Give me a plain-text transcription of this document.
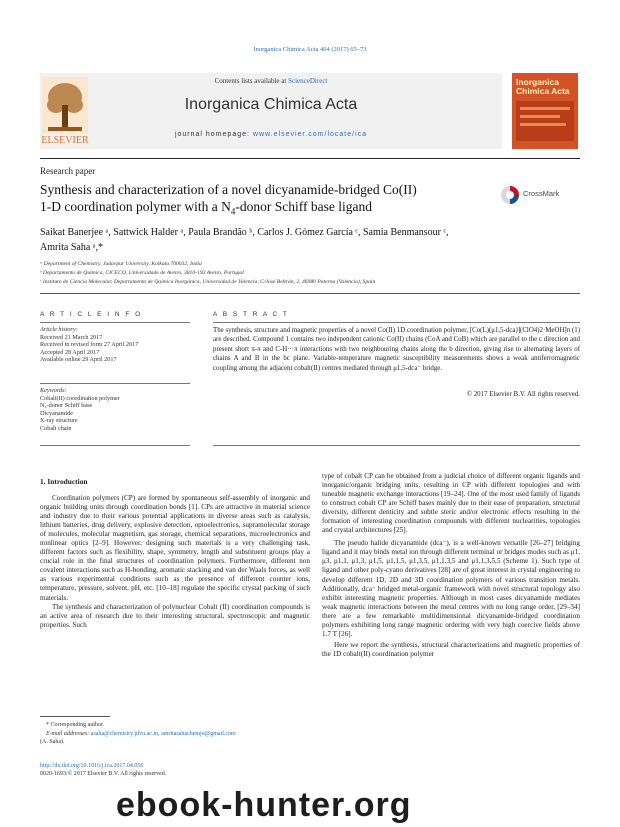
Inorganica Chimica Acta 464 (2017) 65–73
ELSEVIER
Contents lists available at ScienceDirect
Inorganica Chimica Acta
journal homepage: www.elsevier.com/locate/ica
Inorganica
Chimica Acta
Research paper
Synthesis and characterization of a novel dicyanamide-bridged Co(II)
1-D coordination polymer with a $N_4$-donor Schiff base ligand
CrossMark
Saikat Banerjee ᵃ, Sattwick Halder ᵃ, Paula Brandão ᵇ, Carlos J. Gómez García ᶜ, Samia Benmansour ᶜ,
Amrita Saha ᵃ,*
ᵃ Department of Chemistry, Jadavpur University, Kolkata 700032, India
ᵇ Departamento de Química, CICECO, Universidade de Aveiro, 3810-193 Aveiro, Portugal
ᶜ Instituto de Ciencia Molecular, Departamento de Química Inorgánica, Universidad de Valencia, C/José Beltrán, 2, 46980 Paterna (Valencia), Spain
A R T I C L E I N F O
Article history:
Received 21 March 2017
Received in revised form 27 April 2017
Accepted 28 April 2017
Available online 29 April 2017
Keywords:
Cobalt(II) coordination polymer
N₄-donor Schiff base
Dicyanamide
X-ray structure
Cobalt chain
A B S T R A C T
The synthesis, structure and magnetic properties of a novel Co(II) 1D coordination polymer, [Co(L)(μ1,5-dca)](ClO4)2·MeOH]n (1) are described. Compound 1 contains two independent cationic Co(II) chains (CoA and CoB) which are parallel to the c direction and present short π-π and C-H···π interactions with two neighbouring chains along the b direction, giving rise to alternating layers of chains A and B in the bc plane. Variable-temperature magnetic susceptibility measurements shows a weak antiferromagnetic coupling among the adjacent cobalt(II) centres mediated through μ1,5-dca⁻ bridge.
© 2017 Elsevier B.V. All rights reserved.
1. Introduction

Coordination polymers (CP) are formed by spontaneous self-assembly of inorganic and organic building units through coordination bonds [1]. CPs are attractive in material science and industry due to their various potential applications in diverse areas such as catalysis, lithium batteries, drug delivery, explosive detection, optoelectronics, supramolecular storage of molecules, molecular magnetism, gas storage, chemical separations, microelectronics and nonlinear optics [2–9]. However, designing such materials is a very challenging task, different factors such as flexibility, shape, symmetry, length and substituent groups play a crucial role in the final structures of coordination polymers. Furthermore, different non covalent interactions such as H-bonding, aromatic stacking and van der Waals forces, as well as various experimental conditions such as the presence of different counter ions, temperature, pressure, solvent, pH, etc. [10–18] regulate the specific crystal packing of such materials.

The synthesis and characterization of polynuclear Cobalt (II) coordination compounds is an active area of research due to their interesting structural, spectroscopic and magnetic properties. Such

type of cobalt CP can be obtained from a judicial choice of different organic ligands and inorganic/organic bridging units, resulting in CP with different topologies and with tuneable magnetic exchange interactions [19–24]. One of the most used family of ligands to construct cobalt CP are Schiff bases mainly due to their ease of preparation, structural diversity, different denticity and subtle steric and/or electronic effects resulting in the formation of interesting coordination compounds with different nuclearities, topologies and crystal architectures [25].

The pseudo halide dicyanamide (dca⁻), is a well-known versatile [26–27] bridging ligand and it may binds metal ion through different terminal or bridges modes such as μ1, μ3, μ1,1, μ1,3, μ1,5, μ1,1,5, μ1,3,5, μ1,1,3,5 and μ1,1,3,5,5 (Scheme 1). Such type of ligand and other poly-cyano derivatives [28] are of great interest in crystal engineering to develop different 1D, 2D and 3D coordination polymers of various transition metals. Additionally, dca⁻ bridged metal-organic framework with novel structural topology also exhibit interesting magnetic properties. Although in most cases dicyanamide mediates weak magnetic interactions between the metal centres with no long range order, [29–34] there are a few remarkable multidimensional dicyanamide-bridged coordination polymers exhibiting long range magnetic ordering with very high coercive fields above 1.7 T [26].

Here we report the synthesis, structural characterizations and magnetic properties of the 1D cobalt(II) coordination polymer

* Corresponding author.
E-mail addresses: asaha@chemistry.jdvu.ac.in, amritasahachemju@gmail.com
(A. Saha).
http://dx.doi.org/10.1016/j.ica.2017.04.056
0020-1693/© 2017 Elsevier B.V. All rights reserved.
ebook-hunter.org
